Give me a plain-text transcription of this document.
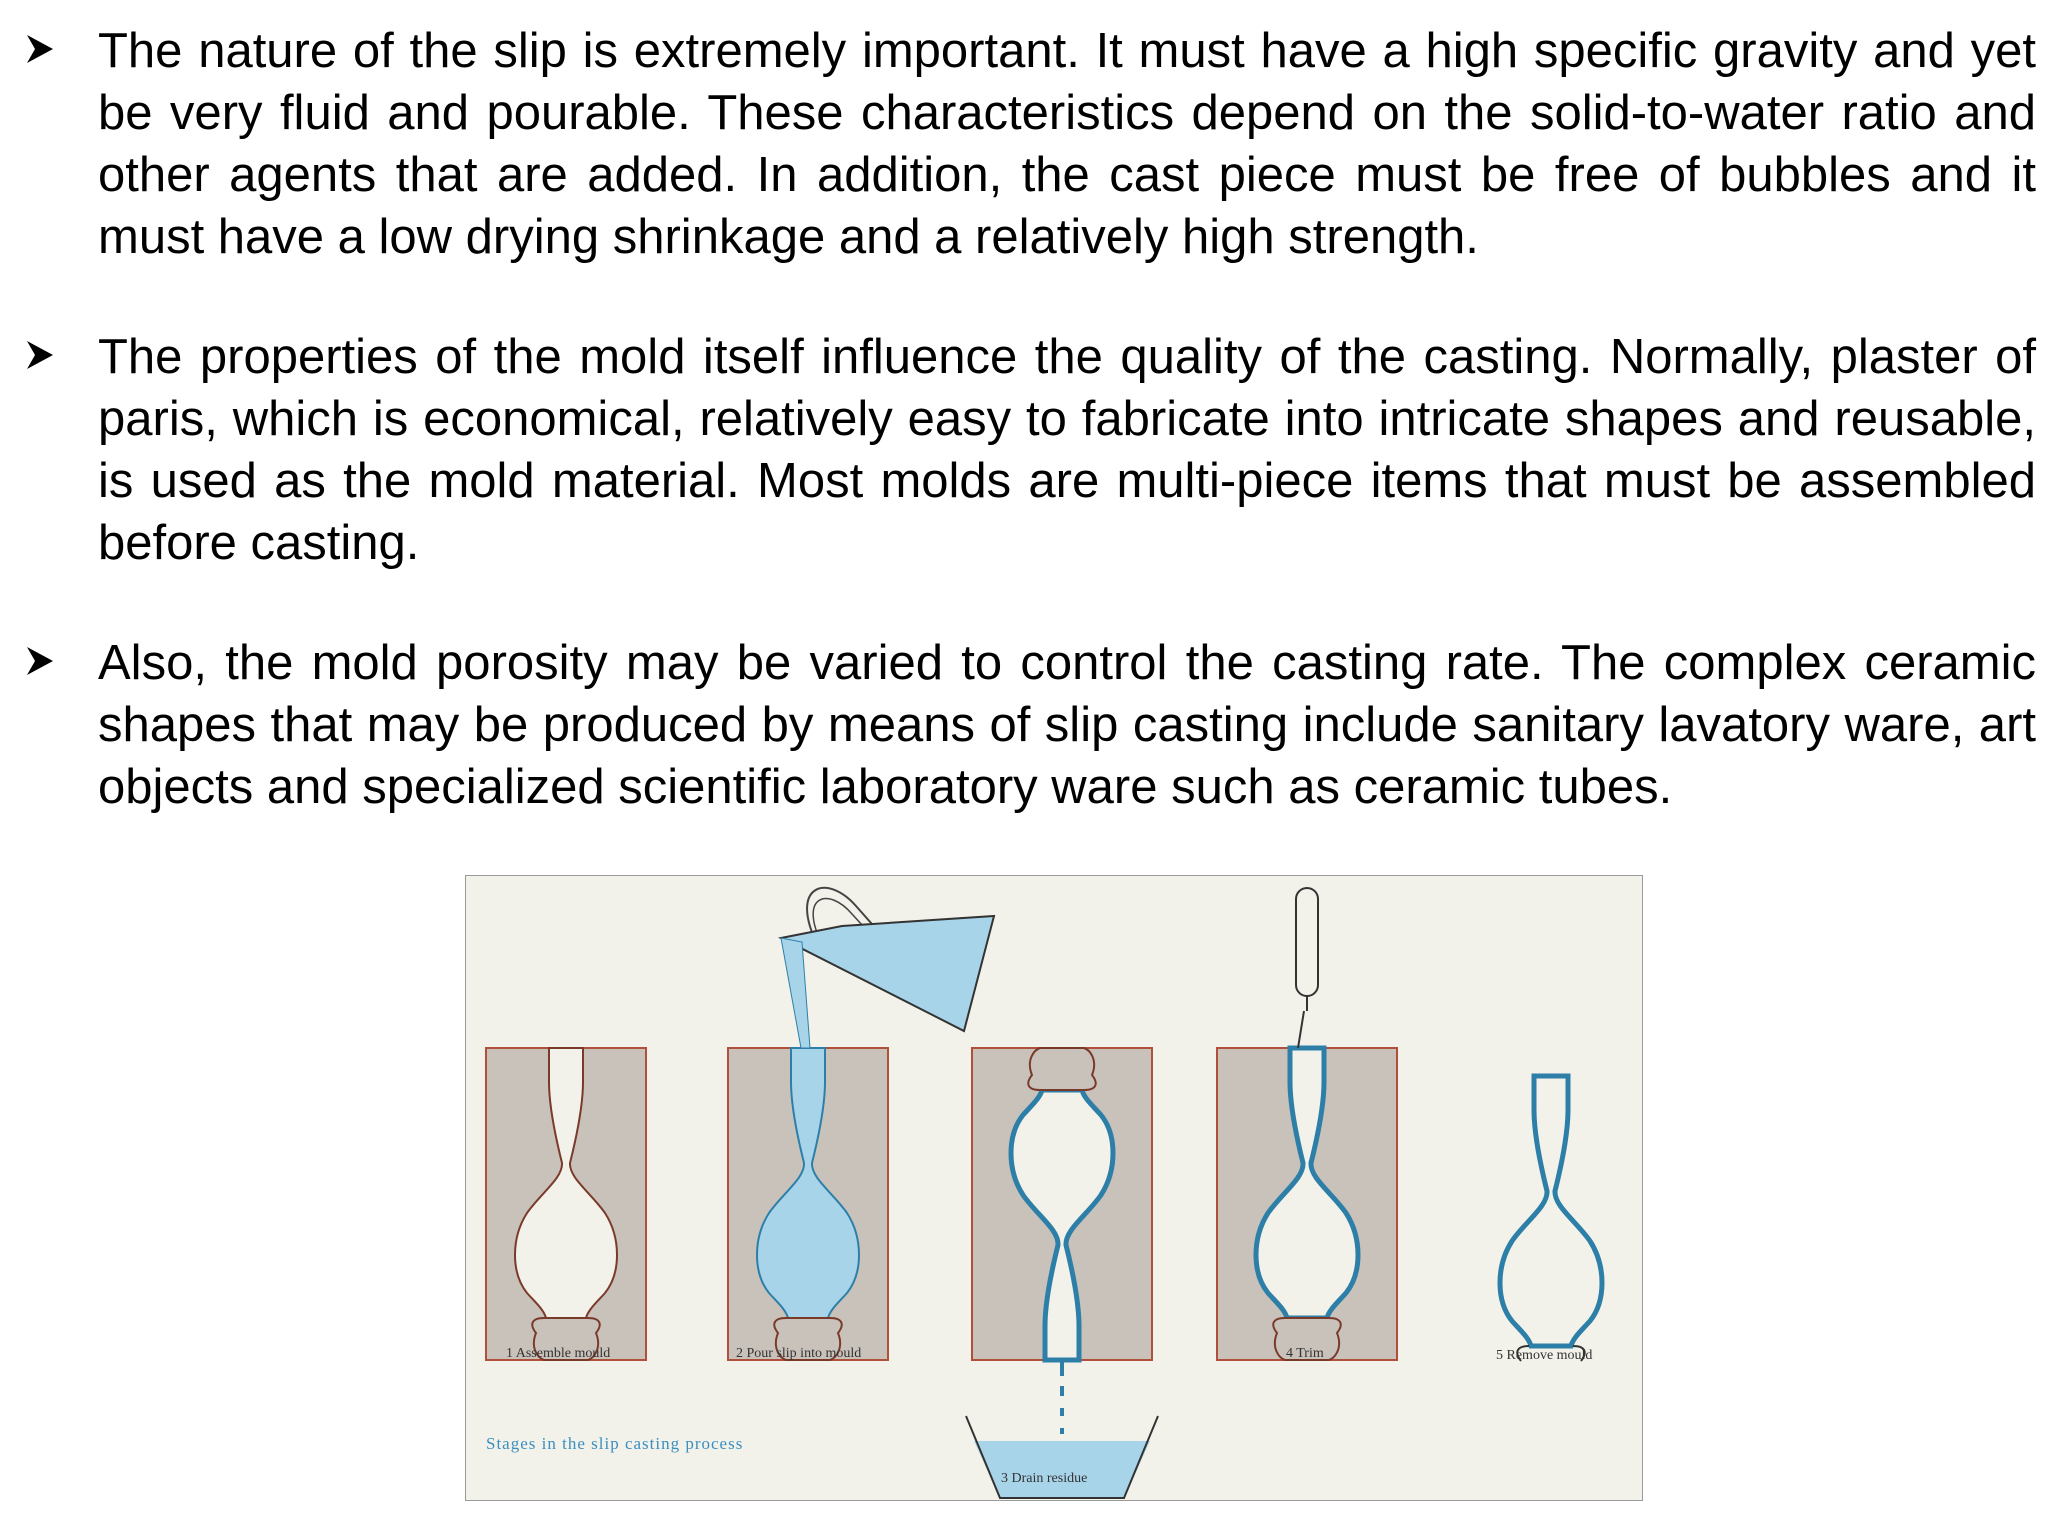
The nature of the slip is extremely important. It must have a high specific gravity and yet be very fluid and pourable. These characteristics depend on the solid-to-water ratio and other agents that are added. In addition, the cast piece must be free of bubbles and it must have a low drying shrinkage and a relatively high strength.
The properties of the mold itself influence the quality of the casting. Normally, plaster of paris, which is economical, relatively easy to fabricate into intricate shapes and reusable, is used as the mold material. Most molds are multi-piece items that must be assembled before casting.
Also, the mold porosity may be varied to control the casting rate. The complex ceramic shapes that may be produced by means of slip casting include sanitary lavatory ware, art objects and specialized scientific laboratory ware such as ceramic tubes.
1 Assemble mould	2 Pour slip into mould
3 Drain residue
4 Trim	5 Remove mould
Stages in the slip casting process
